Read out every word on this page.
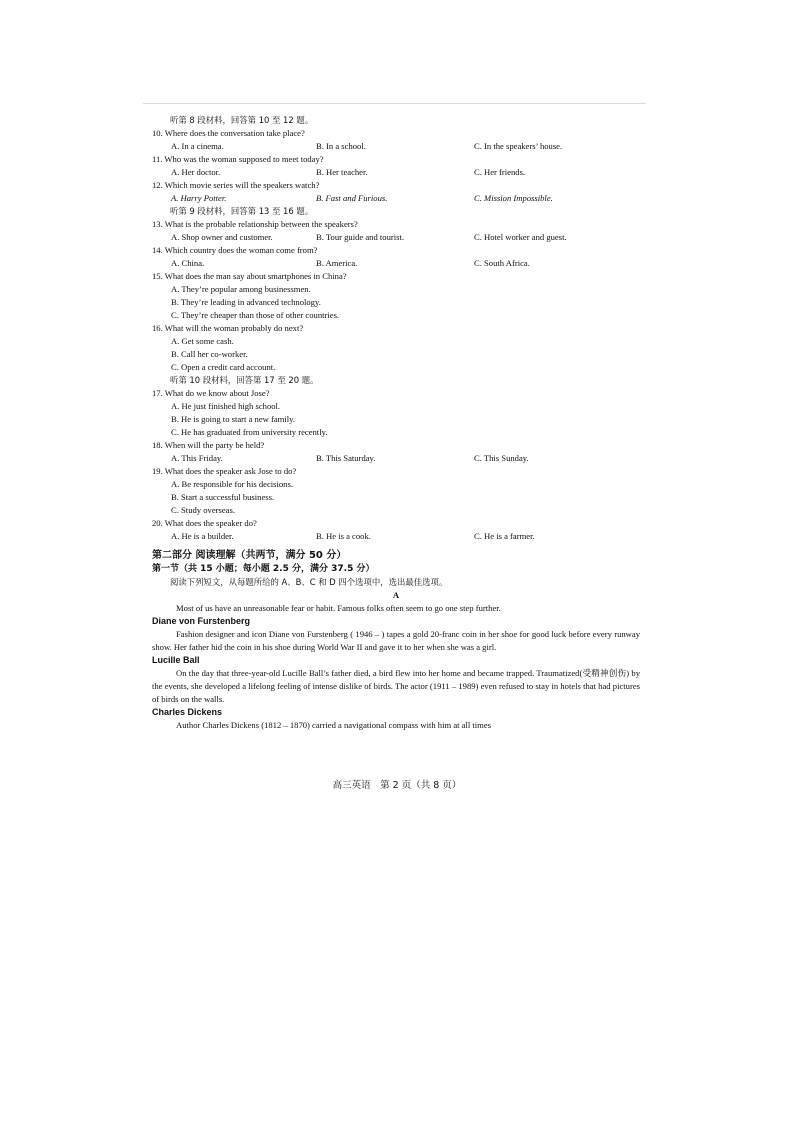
听第 8 段材料，回答第 10 至 12 题。
10. Where does the conversation take place?
A. In a cinema.	B. In a school.	C. In the speakers’ house.
11. Who was the woman supposed to meet today?
A. Her doctor.	B. Her teacher.	C. Her friends.
12. Which movie series will the speakers watch?
A. Harry Potter.	B. Fast and Furious.	C. Mission Impossible.
听第 9 段材料，回答第 13 至 16 题。
13. What is the probable relationship between the speakers?
A. Shop owner and customer.	B. Tour guide and tourist.	C. Hotel worker and guest.
14. Which country does the woman come from?
A. China.	B. America.	C. South Africa.
15. What does the man say about smartphones in China?
A. They’re popular among businessmen.
B. They’re leading in advanced technology.
C. They’re cheaper than those of other countries.
16. What will the woman probably do next?
A. Get some cash.
B. Call her co-worker.
C. Open a credit card account.
听第 10 段材料，回答第 17 至 20 题。
17. What do we know about Jose?
A. He just finished high school.
B. He is going to start a new family.
C. He has graduated from university recently.
18. When will the party be held?
A. This Friday.	B. This Saturday.	C. This Sunday.
19. What does the speaker ask Jose to do?
A. Be responsible for his decisions.
B. Start a successful business.
C. Study overseas.
20. What does the speaker do?
A. He is a builder.	B. He is a cook.	C. He is a farmer.
第二部分 阅读理解（共两节，满分 50 分）
第一节（共 15 小题；每小题 2.5 分，满分 37.5 分）
阅读下列短文，从每题所给的 A、B、C 和 D 四个选项中，选出最佳选项。
A
Most of us have an unreasonable fear or habit. Famous folks often seem to go one step further.
Diane von Furstenberg
Fashion designer and icon Diane von Furstenberg ( 1946 – ) tapes a gold 20-franc coin in her shoe for good luck before every runway show. Her father hid the coin in his shoe during World War II and gave it to her when she was a girl.
Lucille Ball
On the day that three-year-old Lucille Ball’s father died, a bird flew into her home and became trapped. Traumatized(受精神创伤) by the events, she developed a lifelong feeling of intense dislike of birds. The actor (1911 – 1989) even refused to stay in hotels that had pictures of birds on the walls.
Charles Dickens
Author Charles Dickens (1812 – 1870) carried a navigational compass with him at all times
高三英语　第 2 页（共 8 页）
